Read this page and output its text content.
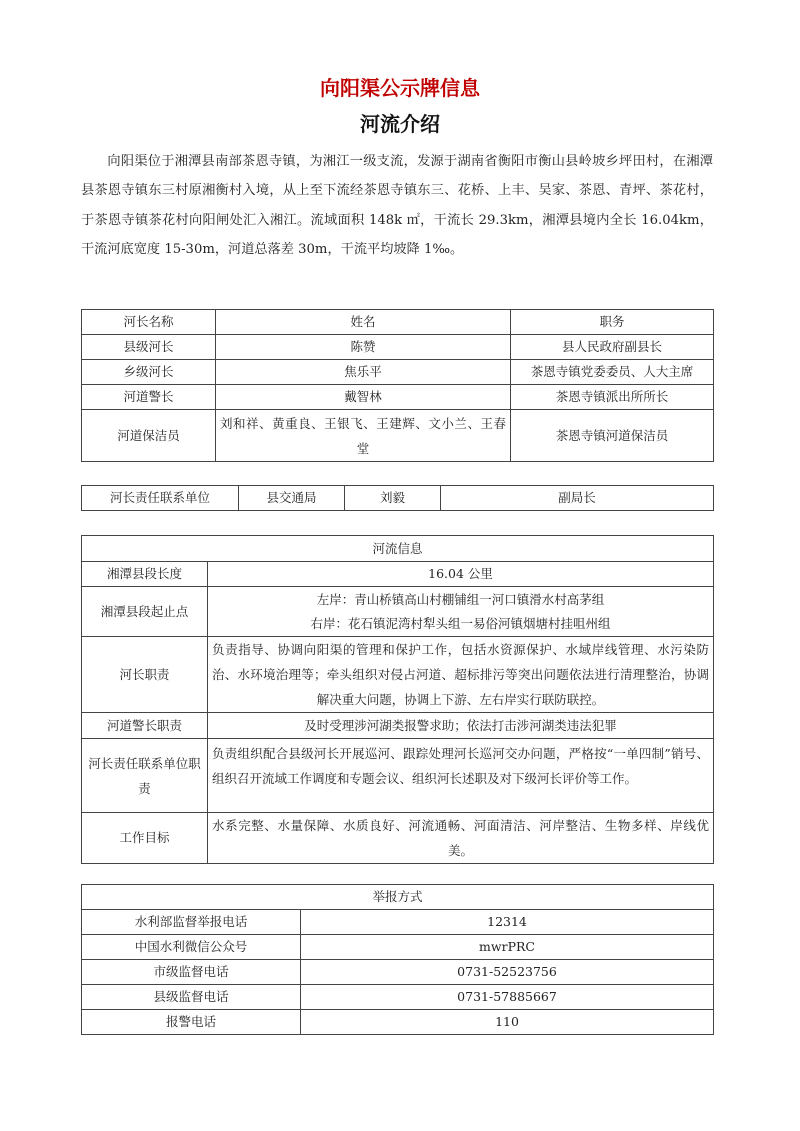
向阳渠公示牌信息
河流介绍

向阳渠位于湘潭县南部茶恩寺镇，为湘江一级支流，发源于湖南省衡阳市衡山县岭坡乡坪田村，在湘潭县茶恩寺镇东三村原湘衡村入境，从上至下流经茶恩寺镇东三、花桥、上丰、吴家、茶恩、青坪、茶花村，于茶恩寺镇茶花村向阳闸处汇入湘江。流域面积 148k ㎡，干流长 29.3km，湘潭县境内全长 16.04km，干流河底宽度 15-30m，河道总落差 30m，干流平均坡降 1‰。

河长名称	姓名	职务
县级河长	陈赞	县人民政府副县长
乡级河长	焦乐平	茶恩寺镇党委委员、人大主席
河道警长	戴智林	茶恩寺镇派出所所长
河道保洁员	刘和祥、黄重良、王银飞、王建辉、文小兰、王春堂	茶恩寺镇河道保洁员
河长责任联系单位	县交通局	刘毅	副局长
河流信息	
湘潭县段长度	16.04 公里
湘潭县段起止点	左岸：青山桥镇高山村棚铺组一河口镇滑水村高茅组
右岸：花石镇泥湾村犁头组一易俗河镇烟塘村挂咀州组

河长职责	负责指导、协调向阳渠的管理和保护工作，包括水资源保护、水域岸线管理、水污染防治、水环境治理等；牵头组织对侵占河道、超标排污等突出问题依法进行清理整治，协调解决重大问题，协调上下游、左右岸实行联防联控。
河道警长职责	及时受理涉河湖类报警求助；依法打击涉河湖类违法犯罪
河长责任联系单位职责	负责组织配合县级河长开展巡河、跟踪处理河长巡河交办问题，严格按“一单四制”销号、组织召开流域工作调度和专题会议、组织河长述职及对下级河长评价等工作。
工作目标	水系完整、水量保障、水质良好、河流通畅、河面清洁、河岸整洁、生物多样、岸线优美。
举报方式	
水利部监督举报电话	12314
中国水利微信公众号	mwrPRC
市级监督电话	0731-52523756
县级监督电话	0731-57885667
报警电话	110
